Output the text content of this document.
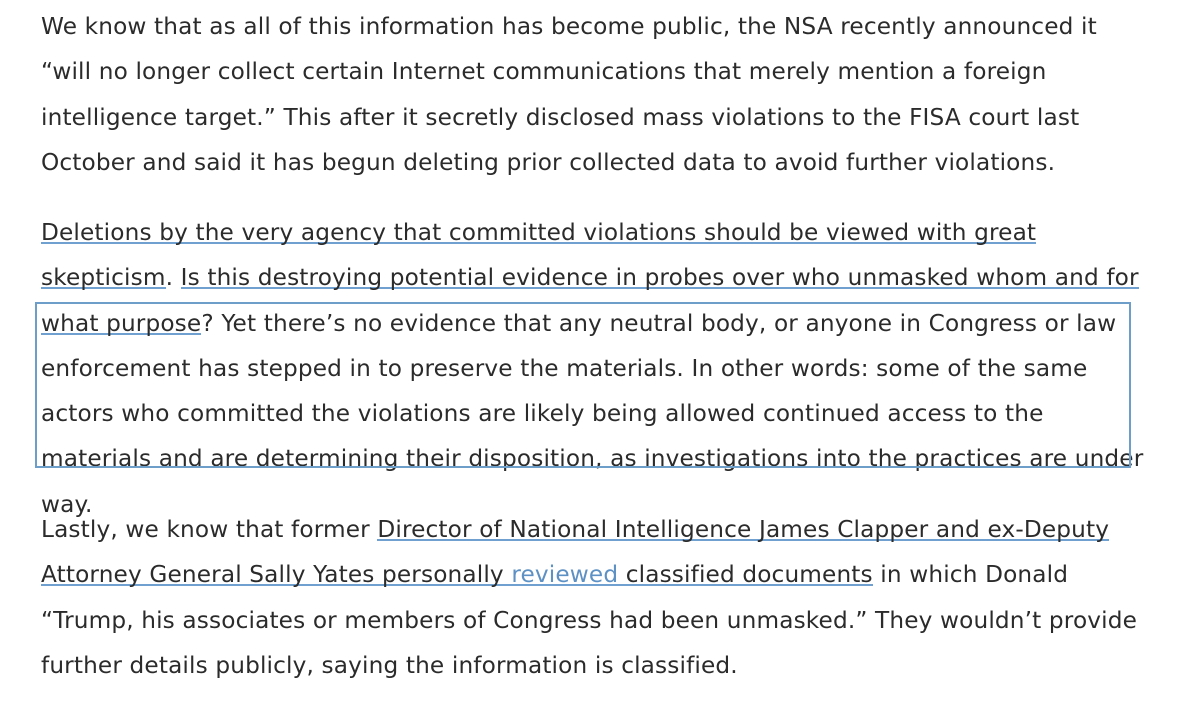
We know that as all of this information has become public, the NSA recently announced it “will no longer collect certain Internet communications that merely mention a foreign intelligence target.” This after it secretly disclosed mass violations to the FISA court last October and said it has begun deleting prior collected data to avoid further violations.

Deletions by the very agency that committed violations should be viewed with great skepticism. Is this destroying potential evidence in probes over who unmasked whom and for what purpose? Yet there’s no evidence that any neutral body, or anyone in Congress or law enforcement has stepped in to preserve the materials. In other words: some of the same actors who committed the violations are likely being allowed continued access to the materials and are determining their disposition, as investigations into the practices are under way.

Lastly, we know that former Director of National Intelligence James Clapper and ex-Deputy Attorney General Sally Yates personally reviewed classified documents in which Donald “Trump, his associates or members of Congress had been unmasked.” They wouldn’t provide further details publicly, saying the information is classified.
